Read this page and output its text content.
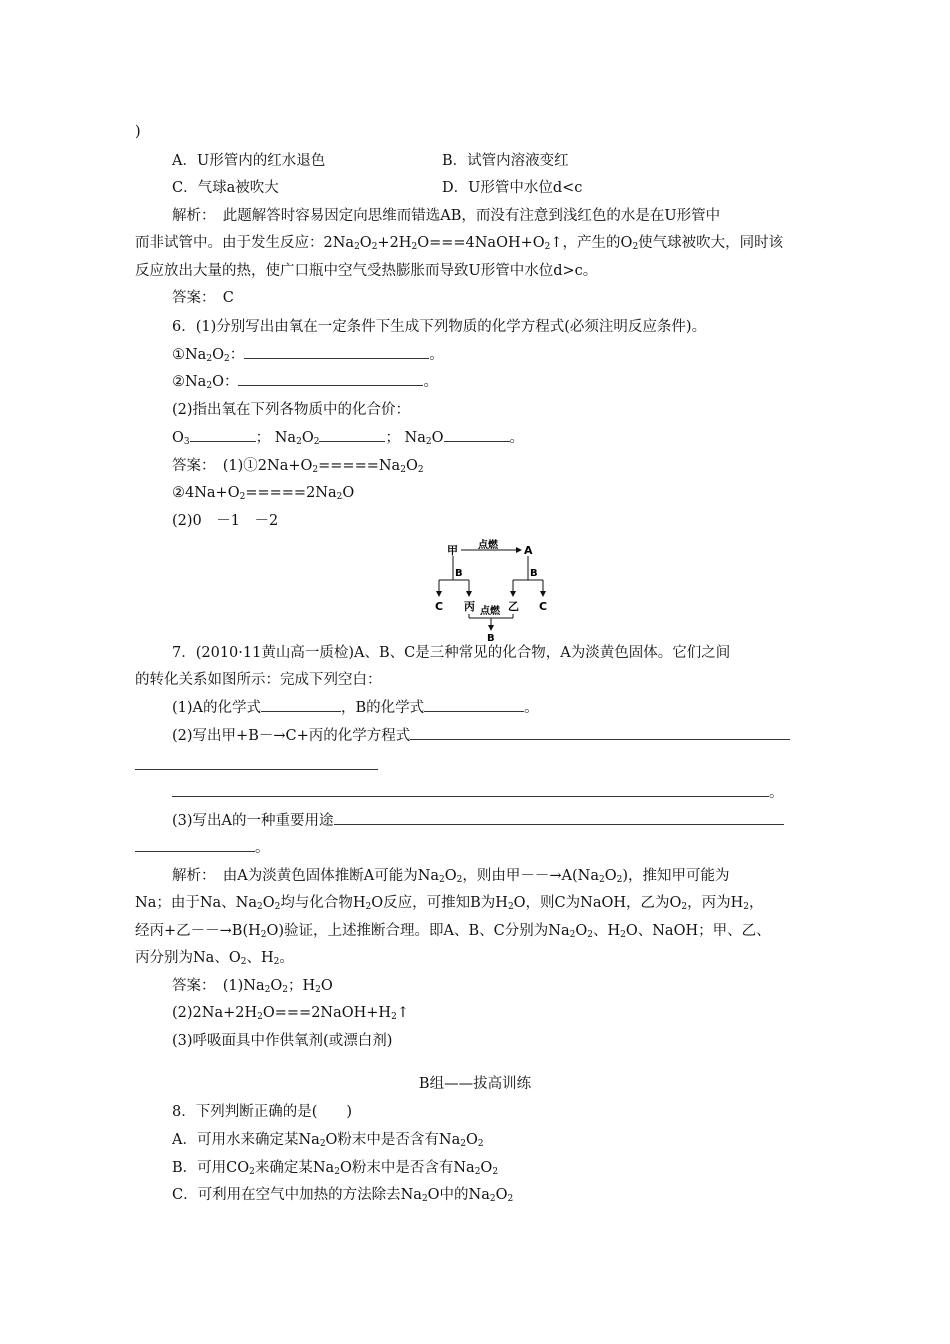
)
A．U形管内的红水退色	B．试管内溶液变红
C．气球a被吹大	D．U形管中水位d<c
解析：　此题解答时容易因定向思维而错选AB，而没有注意到浅红色的水是在U形管中
而非试管中。由于发生反应：$2Na_2O_2+2H_2O===4NaOH+O_2↑$，产生的$O_2$使气球被吹大，同时该
反应放出大量的热，使广口瓶中空气受热膨胀而导致U形管中水位d>c。
答案：　C
6．(1)分别写出由氧在一定条件下生成下列物质的化学方程式(必须注明反应条件)。
$①Na_2O_2$：	。
$②Na_2O$：	。
(2)指出氧在下列各物质中的化合价：
$O_3$	； $Na_2O_2$	； $Na_2O$	。
答案：　$(1)①2Na+O_2=====Na_2O_2$
$②4Na+O_2=====2Na_2O$
(2)0　－1　－2
甲	A
点燃
B
C 丙
B
乙 C
点燃
B
7．(2010·11黄山高一质检)A、B、C是三种常见的化合物，A为淡黄色固体。它们之间
的转化关系如图所示：完成下列空白：
(1)A的化学式	，B的化学式	。
(2)写出甲+B－→C+丙的化学方程式
。
(3)写出A的一种重要用途
。
解析：　由A为淡黄色固体推断A可能为$Na_2O_2$，则由甲$--\to A(Na_2O_2)$，推知甲可能为
Na；由于Na、$Na_2O_2$均与化合物$H_2O$反应，可推知B为$H_2O$，则C为NaOH，乙为$O_2$，丙为$H_2$，
经丙+乙$--\to B(H_2O)$验证，上述推断合理。即A、B、C分别为$Na_2O_2$、$H_2O$、NaOH；甲、乙、
丙分别为Na、$O_2$、$H_2$。
答案：　$(1)Na_2O_2$；$H_2O$
$(2)2Na+2H_2O===2NaOH+H_2↑$
(3)呼吸面具中作供氧剂(或漂白剂)
B组——拔高训练
8．下列判断正确的是(　　)
A．可用水来确定某$Na_2O$粉末中是否含有$Na_2O_2$
B．可用$CO_2$来确定某$Na_2O$粉末中是否含有$Na_2O_2$
C．可利用在空气中加热的方法除去$Na_2O$中的$Na_2O_2$
